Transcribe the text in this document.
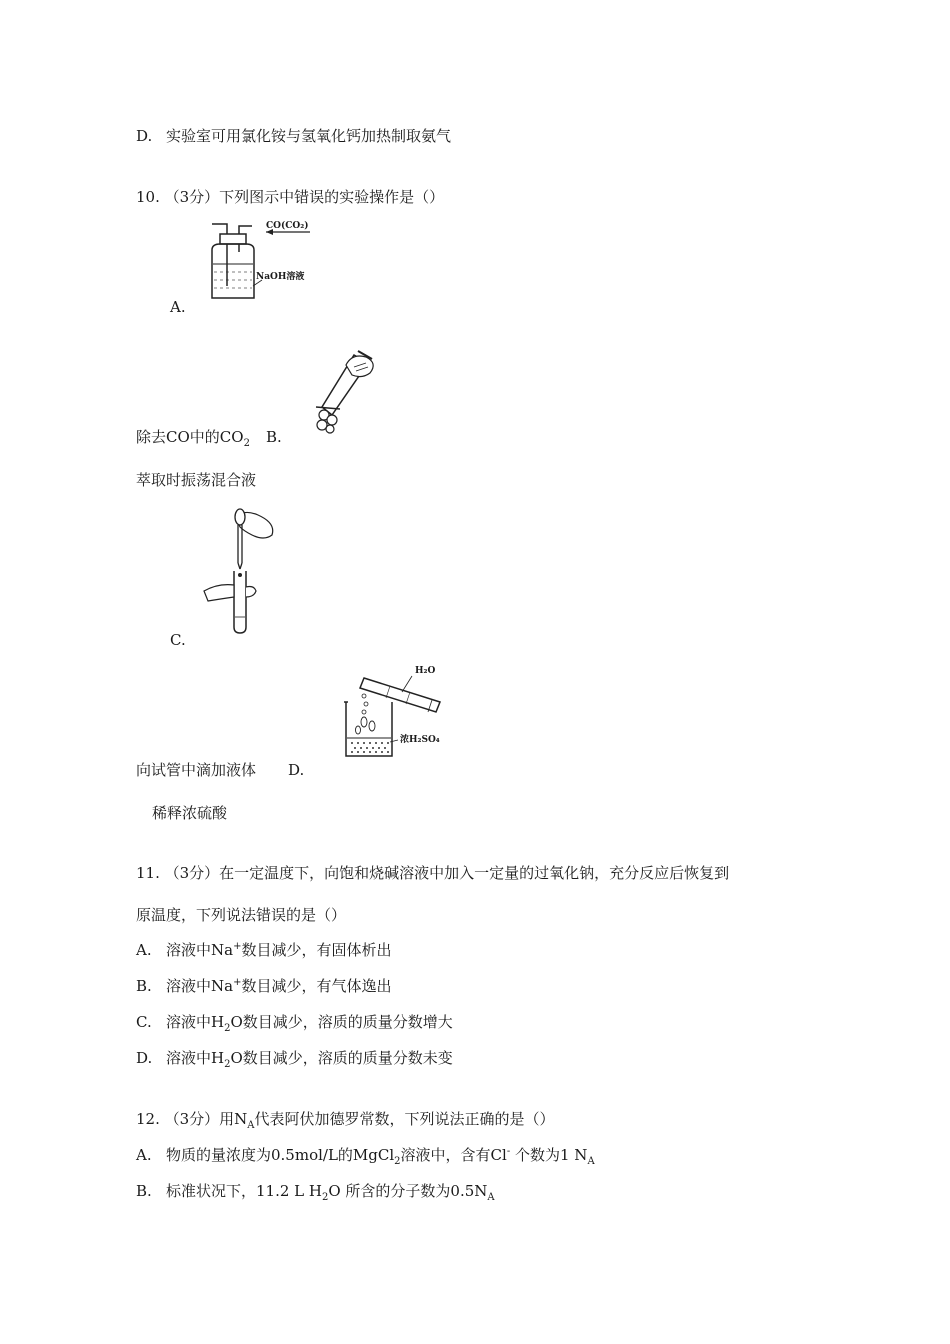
D. 实验室可用氯化铵与氢氧化钙加热制取氨气
10. （3分）下列图示中错误的实验操作是（）
CO(CO₂)
NaOH溶液
A.
除去CO中的$CO_2$ B.
萃取时振荡混合液
C.
H₂O
浓H₂SO₄
向试管中滴加液体 D.
稀释浓硫酸
11. （3分）在一定温度下，向饱和烧碱溶液中加入一定量的过氧化钠，充分反应后恢复到
原温度，下列说法错误的是（）
A. 溶液中Na+数目减少，有固体析出
B. 溶液中Na+数目减少，有气体逸出
C. 溶液中$H_2O$数目减少，溶质的质量分数增大
D. 溶液中$H_2O$数目减少，溶质的质量分数未变
12. （3分）用$N_A$代表阿伏加德罗常数，下列说法正确的是（）
A. 物质的量浓度为0.5mol/L的MgCl$_2$溶液中，含有Cl- 个数为1 $N_A$
B. 标准状况下，11.2 L $H_2O$ 所含的分子数为$0.5N_A$
